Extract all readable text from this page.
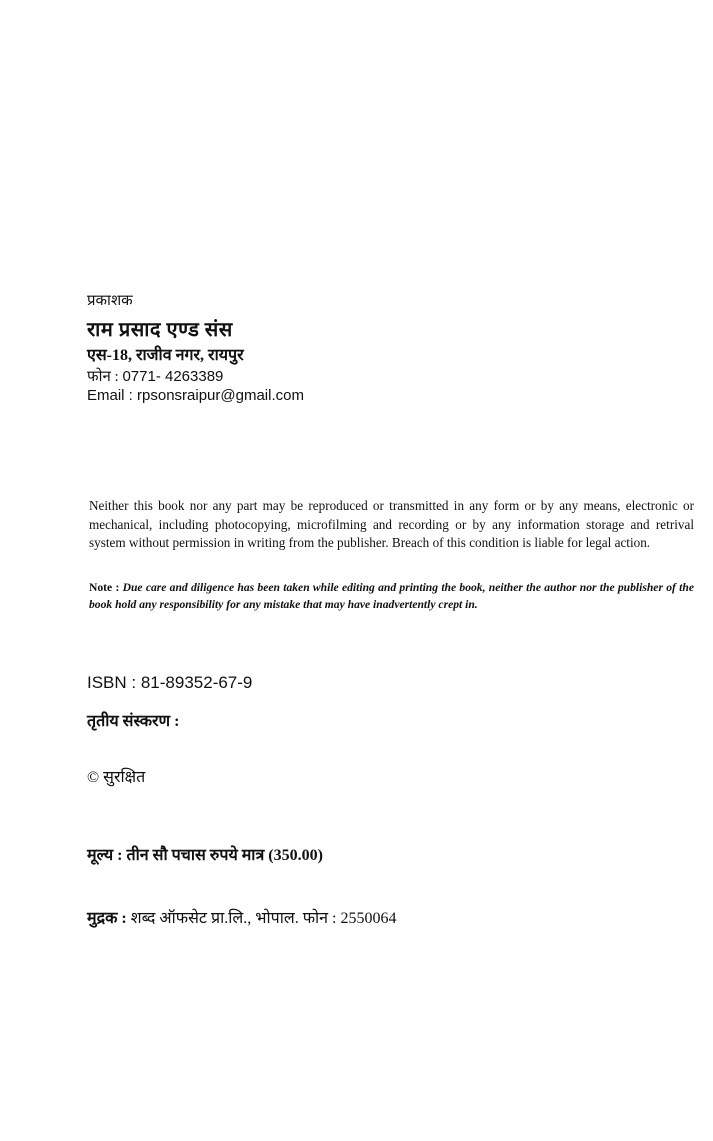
प्रकाशक
राम प्रसाद एण्ड संस
एस-18, राजीव नगर, रायपुर
फोन : 0771- 4263389
Email : rpsonsraipur@gmail.com

Neither this book nor any part may be reproduced or transmitted in any form or by any means, electronic or mechanical, including photocopying, microfilming and recording or by any information storage and retrival system without permission in writing from the publisher. Breach of this condition is liable for legal action.

Note : Due care and diligence has been taken while editing and printing the book, neither the author nor the publisher of the book hold any responsibility for any mistake that may have inadvertently crept in.

ISBN : 81-89352-67-9
तृतीय संस्करण :
© सुरक्षित
मूल्य : तीन सौ पचास रुपये मात्र (350.00)
मुद्रक : शब्द ऑफसेट प्रा.लि., भोपाल. फोन : 2550064
